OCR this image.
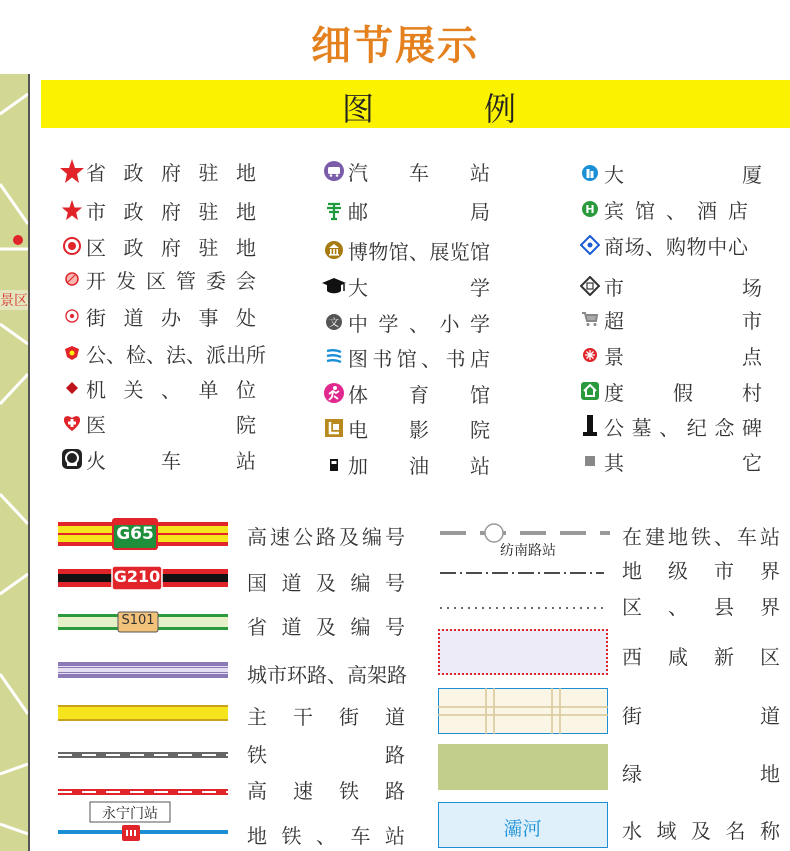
细节展示
景区
图	例
省 政 府 驻 地
市 政 府 驻 地
区 政 府 驻 地
开 发 区 管 委 会
街 道 办 事 处
公 、 检 、 法 、 派 出 所
机 关 、 单 位
医	院
火	车	站
汽 车 站
邮	局
博 物 馆 、 展 览 馆
大	学
文 中 学 、 小 学
图 书 馆 、 书 店
体 育 馆
电 影 院
加 油 站
大	厦
H 宾 馆 、 酒 店
商 场 、 购 物 中 心
市	场
超	市
景	点
度 假 村
公 墓 、 纪 念 碑
其	它
G65	高 速 公 路 及 编 号
G210	国 道 及 编 号
S101	省 道 及 编 号
城 市 环 路 、 高 架 路
主 干 街 道
铁	路
高 速 铁 路
永宁门站
地 铁 、 车 站
纺南路站
在 建 地 铁 、 车 站
地 级 市 界
区 、 县 界
西 咸 新 区
街	道
绿	地
灞河	水 域 及 名 称
